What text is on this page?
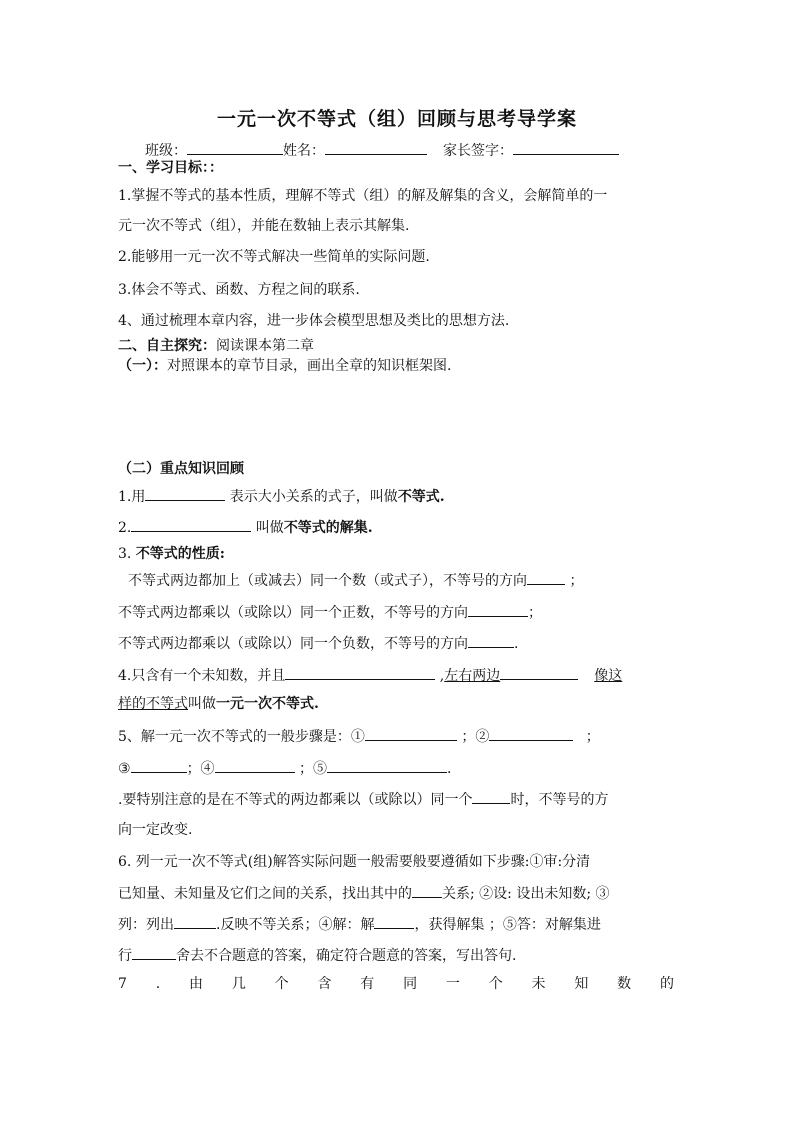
一元一次不等式（组）回顾与思考导学案
班级：	姓名：	家长签字：
一、学习目标：：
1.掌握不等式的基本性质，理解不等式（组）的解及解集的含义，会解简单的一
元一次不等式（组），并能在数轴上表示其解集.
2.能够用一元一次不等式解决一些简单的实际问题.
3.体会不等式、函数、方程之间的联系.
4、通过梳理本章内容，进一步体会模型思想及类比的思想方法.
二、自主探究：阅读课本第二章
（一）：对照课本的章节目录，画出全章的知识框架图.
（二）重点知识回顾
1.用	表示大小关系的式子，叫做不等式.
2.	叫做不等式的解集.
3. 不等式的性质:
不等式两边都加上（或减去）同一个数（或式子），不等号的方向	；
不等式两边都乘以（或除以）同一个正数，不等号的方向	；
不等式两边都乘以（或除以）同一个负数，不等号的方向	.
4.只含有一个未知数，并且	,左右两边	像这
样的不等式叫做一元一次不等式.
5、解一元一次不等式的一般步骤是：①	；②	；
③	；④	；⑤	.
.要特别注意的是在不等式的两边都乘以（或除以）同一个	时，不等号的方
向一定改变.
6. 列一元一次不等式(组)解答实际问题一般需要般要遵循如下步骤:①审:分清
已知量、未知量及它们之间的关系，找出其中的 关系; ②设: 设出未知数; ③
列：列出	.反映不等关系；④解：解	，获得解集 ；⑤答：对解集进
行	舍去不合题意的答案，确定符合题意的答案，写出答句.
7 . 由 几 个 含 有 同 一 个 未 知 数 的
